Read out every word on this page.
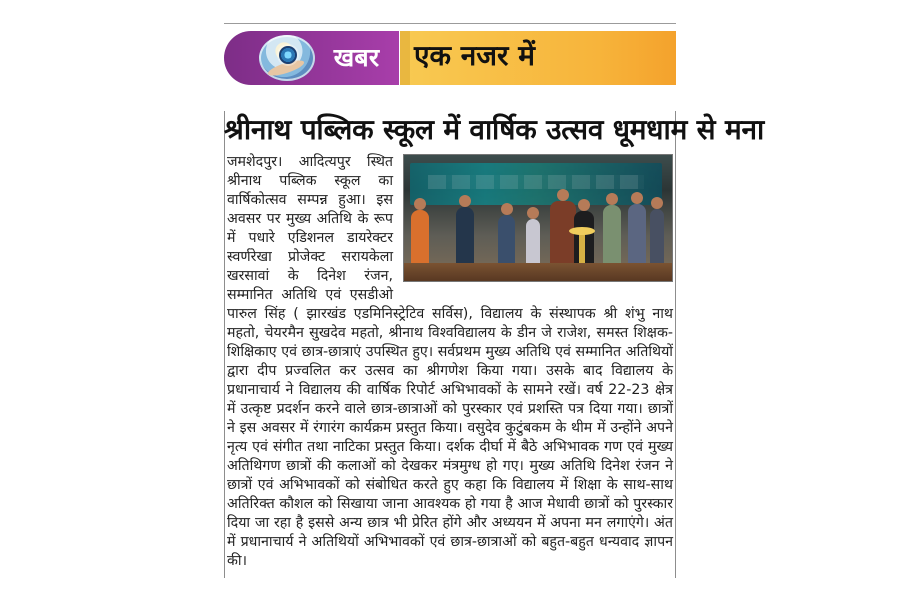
खबर	एक नजर में
श्रीनाथ पब्लिक स्कूल में वार्षिक उत्सव धूमधाम से मना

जमशेदपुर। आदित्यपुर स्थित श्रीनाथ पब्लिक स्कूल का वार्षिकोत्सव सम्पन्न हुआ। इस अवसर पर मुख्य अतिथि के रूप में पधारे एडिशनल डायरेक्टर स्वर्णरेखा प्रोजेक्ट सरायकेला खरसावां के दिनेश रंजन, सम्मानित अतिथि एवं एसडीओ पारुल सिंह ( झारखंड एडमिनिस्ट्रेटिव सर्विस), विद्यालय के संस्थापक श्री शंभु नाथ महतो, चेयरमैन सुखदेव महतो, श्रीनाथ विश्वविद्यालय के डीन जे राजेश, समस्त शिक्षक- शिक्षिकाए एवं छात्र-छात्राएं उपस्थित हुए। सर्वप्रथम मुख्य अतिथि एवं सम्मानित अतिथियों द्वारा दीप प्रज्वलित कर उत्सव का श्रीगणेश किया गया। उसके बाद विद्यालय के प्रधानाचार्य ने विद्यालय की वार्षिक रिपोर्ट अभिभावकों के सामने रखें। वर्ष 22-23 क्षेत्र में उत्कृष्ट प्रदर्शन करने वाले छात्र-छात्राओं को पुरस्कार एवं प्रशस्ति पत्र दिया गया। छात्रों ने इस अवसर में रंगारंग कार्यक्रम प्रस्तुत किया। वसुदेव कुटुंबकम के थीम में उन्होंने अपने नृत्य एवं संगीत तथा नाटिका प्रस्तुत किया। दर्शक दीर्घा में बैठे अभिभावक गण एवं मुख्य अतिथिगण छात्रों की कलाओं को देखकर मंत्रमुग्ध हो गए। मुख्य अतिथि दिनेश रंजन ने छात्रों एवं अभिभावकों को संबोधित करते हुए कहा कि विद्यालय में शिक्षा के साथ-साथ अतिरिक्त कौशल को सिखाया जाना आवश्यक हो गया है आज मेधावी छात्रों को पुरस्कार दिया जा रहा है इससे अन्य छात्र भी प्रेरित होंगे और अध्ययन में अपना मन लगाएंगे। अंत में प्रधानाचार्य ने अतिथियों अभिभावकों एवं छात्र-छात्राओं को बहुत-बहुत धन्यवाद ज्ञापन की।
